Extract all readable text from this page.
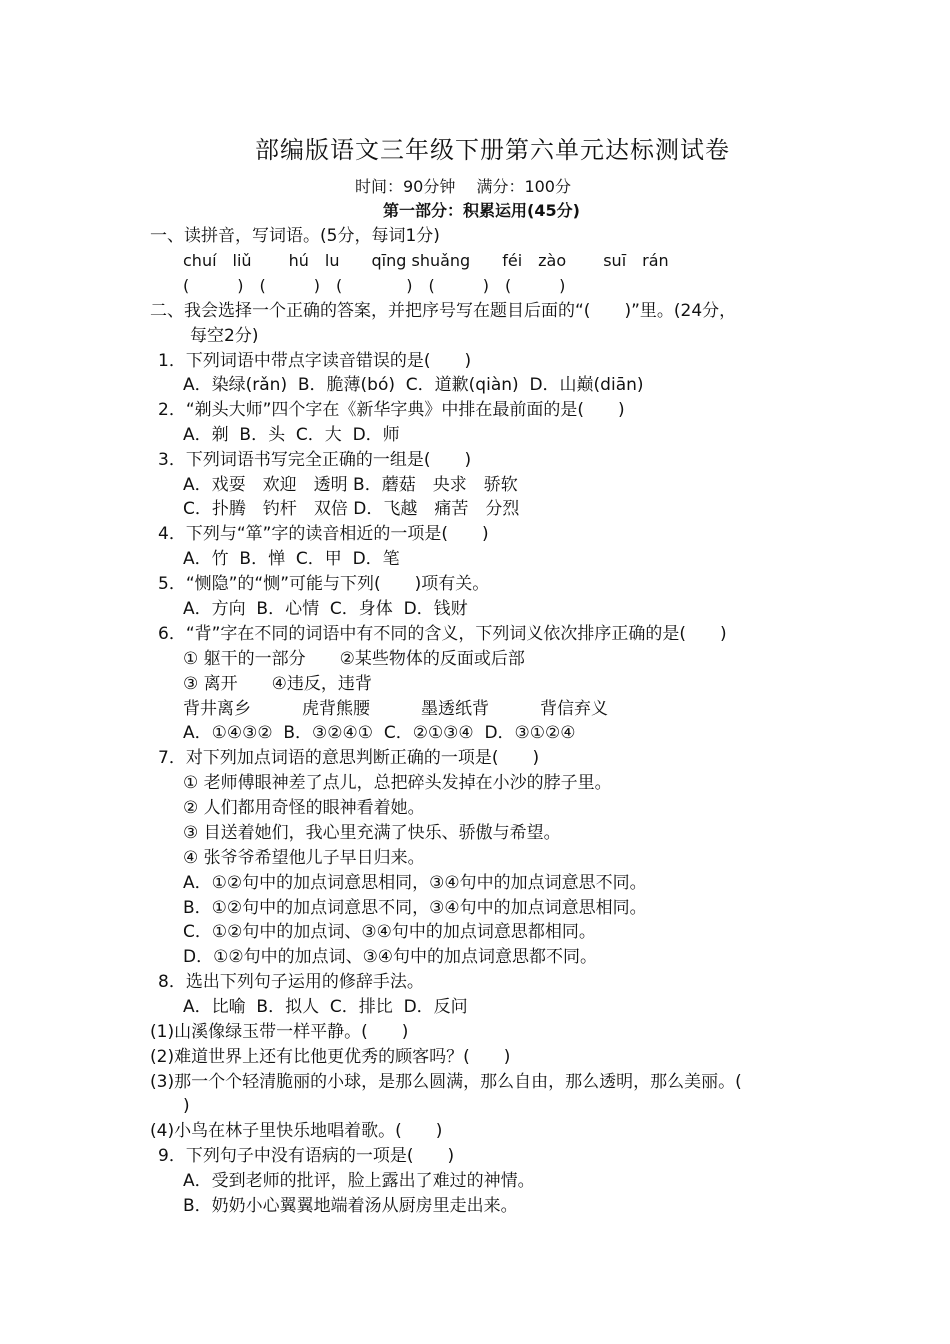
部编版语文三年级下册第六单元达标测试卷
时间：90分钟　 满分：100分
第一部分：积累运用(45分)
一、读拼音，写词语。(5分，每词1分)
chuí　liǔ　　 hú　lu　　qīng shuǎng　　féi　zào　　 suī　rán
(　　　)　(　　　)　(　　　　)　(　　　)　(　　　)
二、我会选择一个正确的答案，并把序号写在题目后面的“(　　)”里。(24分，
每空2分)
1．下列词语中带点字读音错误的是(　　)
A．染绿(rǎn)  B．脆薄(bó)  C．道歉(qiàn)  D．山巅(diān)
2．“剃头大师”四个字在《新华字典》中排在最前面的是(　　)
A．剃  B．头  C．大  D．师
3．下列词语书写完全正确的一组是(　　)
A．戏耍　欢迎　透明 B．蘑菇　央求　骄软
C．扑腾　钓杆　双倍 D．飞越　痛苦　分烈
4．下列与“箪”字的读音相近的一项是(　　)
A．竹  B．惮  C．甲  D．笔
5．“恻隐”的“恻”可能与下列(　　)项有关。
A．方向  B．心情  C．身体  D．钱财
6．“背”字在不同的词语中有不同的含义，下列词义依次排序正确的是(　　)
① 躯干的一部分　　②某些物体的反面或后部
③ 离开　　④违反，违背
背井离乡　　　虎背熊腰　　　墨透纸背　　　背信弃义
A．①④③②  B．③②④①  C．②①③④  D．③①②④
7．对下列加点词语的意思判断正确的一项是(　　)
① 老师傅眼神差了点儿，总把碎头发掉在小沙的脖子里。
② 人们都用奇怪的眼神看着她。
③ 目送着她们，我心里充满了快乐、骄傲与希望。
④ 张爷爷希望他儿子早日归来。
A．①②句中的加点词意思相同，③④句中的加点词意思不同。
B．①②句中的加点词意思不同，③④句中的加点词意思相同。
C．①②句中的加点词、③④句中的加点词意思都相同。
D．①②句中的加点词、③④句中的加点词意思都不同。
8．选出下列句子运用的修辞手法。
A．比喻  B．拟人  C．排比  D．反问
(1)山溪像绿玉带一样平静。(　　)
(2)难道世界上还有比他更优秀的顾客吗？(　　)
(3)那一个个轻清脆丽的小球，是那么圆满，那么自由，那么透明，那么美丽。(
)
(4)小鸟在林子里快乐地唱着歌。(　　)
9．下列句子中没有语病的一项是(　　)
A．受到老师的批评，脸上露出了难过的神情。
B．奶奶小心翼翼地端着汤从厨房里走出来。
